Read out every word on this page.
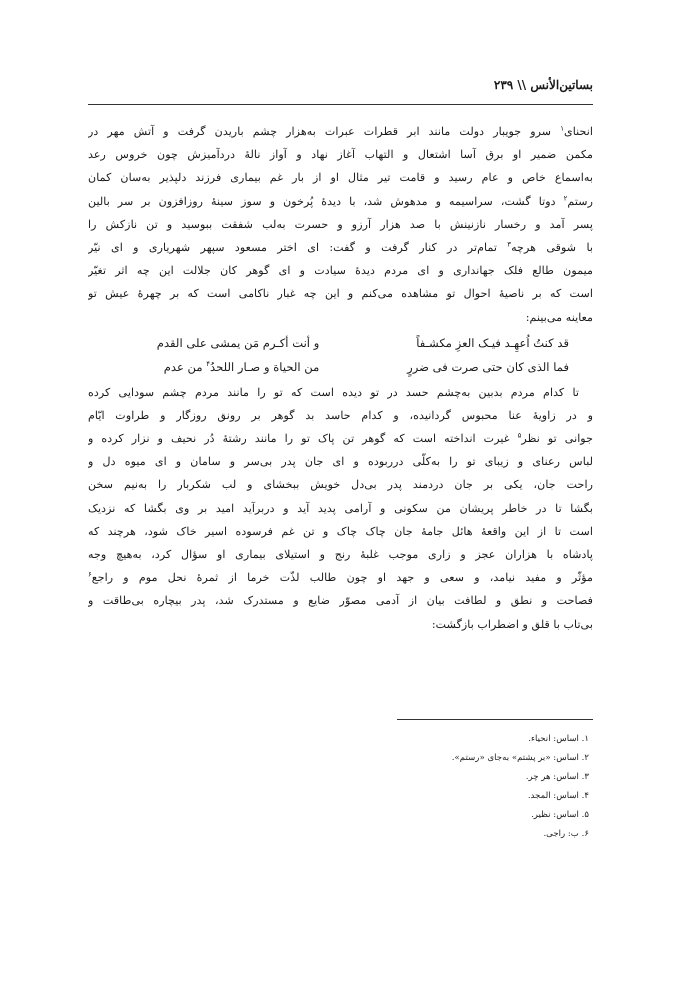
بساتین‌الأنس \\ ۲۳۹
انحنای$^۱$ سرو جویبار دولت مانند ابر قطرات عبرات به‌هزار چشم باریدن گرفت و آتش مهر در
مکمن ضمیر او برق آسا اشتعال و التهاب آغاز نهاد و آواز نالهٔ دردآمیزش چون خروس رعد
به‌اسماع خاص و عام رسید و قامت تیر مثال او از بار غم بیماری فرزند دلپذیر به‌سان کمان
رستم$^۲$ دوتا گشت، سراسیمه و مدهوش شد، با دیدهٔ پُرخون و سوز سینهٔ روزافزون بر سر بالین
پسر آمد و رخسار نازنینش با صد هزار آرزو و حسرت به‌لب شفقت ببوسید و تن نازکش را
با شوقی هرچه$^۳$ تمام‌تر در کنار گرفت و گفت: ای اختر مسعود سپهر شهریاری و ای نیّر
میمون طالع فلک جهانداری و ای مردم دیدهٔ سیادت و ای گوهر کان جلالت این چه اثر تغیّر
است که بر ناصیهٔ احوال تو مشاهده می‌کنم و این چه غبار ناکامی است که بر چهرهٔ عیش تو
معاینه می‌بینم:
قد کنتُ اُعهِـد فیـک العزِ مکشـفاً و أنت أکـرم مَن یمشی علی القدم
فما الذی کان حتی صرت فی ضررٍ من الحیاة و صـار اللحدُ$^۴$ من عدم
تا کدام مردم بدبین به‌چشم حسد در تو دیده است که تو را مانند مردم چشم سودایی کرده
و در زاویهٔ عنا محبوس گردانیده، و کدام حاسد بد گوهر بر رونق روزگار و طراوت ایّام
جوانی تو نظر$^۵$ غیرت انداخته است که گوهر تن پاک تو را مانند رشتهٔ دُر نحیف و نزار کرده و
لباس رعنای و زیبای تو را به‌کلّی درربوده و ای جان پدر بی‌سر و سامان و ای میوه دل و
راحت جان، یکی بر جان دردمند پدر بی‌دل خویش ببخشای و لب شکربار را به‌نیم سخن
بگشا تا در خاطر پریشان من سکونی و آرامی پدید آید و دربرآید امید بر وی بگشا که نزدیک
است تا از این واقعهٔ هائل جامهٔ جان چاک چاک و تن غم فرسوده اسیر خاک شود، هرچند که
پادشاه با هزاران عجز و زاری موجب غلبهٔ رنج و استیلای بیماری او سؤال کرد، به‌هیچ وجه
مؤثّر و مفید نیامد، و سعی و جهد او چون طالب لذّت خرما از ثمرهٔ نحل موم و راجع$^۶$
فصاحت و نطق و لطافت بیان از آدمی مصوّر ضایع و مستدرک شد، پدر بیچاره بی‌طاقت و
بی‌تاب با قلق و اضطراب بازگشت:
۱. اساس: انحیاء.
۲. اساس: «بر پشتم» به‌جای «رستم».
۳. اساس: هر چر.
۴. اساس: المجد.
۵. اساس: نظیر.
۶. ب: راجی.
